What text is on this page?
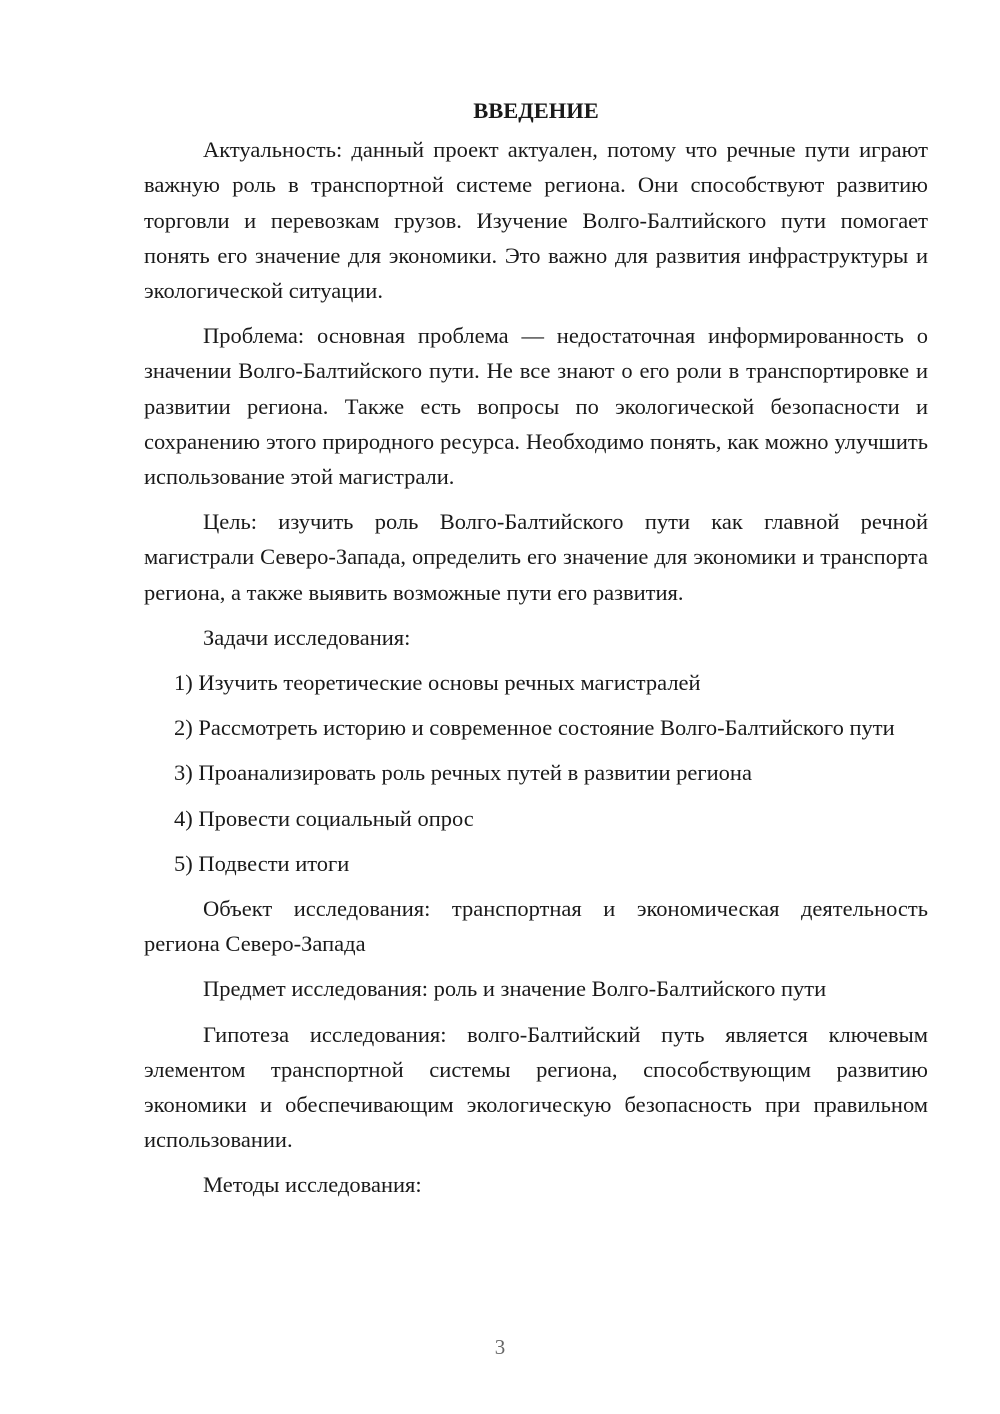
ВВЕДЕНИЕ

Актуальность: данный проект актуален, потому что речные пути играют важную роль в транспортной системе региона. Они способствуют развитию торговли и перевозкам грузов. Изучение Волго-Балтийского пути помогает понять его значение для экономики. Это важно для развития инфраструктуры и экологической ситуации.

Проблема: основная проблема — недостаточная информированность о значении Волго-Балтийского пути. Не все знают о его роли в транспортировке и развитии региона. Также есть вопросы по экологической безопасности и сохранению этого природного ресурса. Необходимо понять, как можно улучшить использование этой магистрали.

Цель: изучить роль Волго-Балтийского пути как главной речной магистрали Северо-Запада, определить его значение для экономики и транспорта региона, а также выявить возможные пути его развития.

Задачи исследования:

1) Изучить теоретические основы речных магистралей

2) Рассмотреть историю и современное состояние Волго-Балтийского пути

3) Проанализировать роль речных путей в развитии региона

4) Провести социальный опрос

5) Подвести итоги

Объект исследования: транспортная и экономическая деятельность региона Северо-Запада

Предмет исследования: роль и значение Волго-Балтийского пути

Гипотеза исследования: волго-Балтийский путь является ключевым элементом транспортной системы региона, способствующим развитию экономики и обеспечивающим экологическую безопасность при правильном использовании.

Методы исследования:

3
